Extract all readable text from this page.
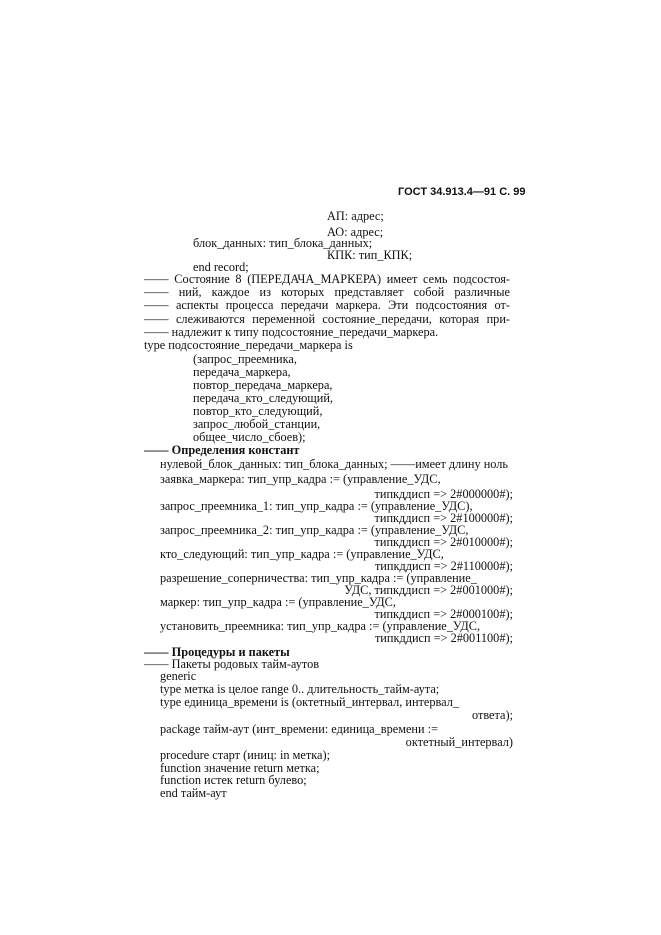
ГОСТ 34.913.4—91 С. 99
АП: адрес;
АО: адрес;
блок_данных: тип_блока_данных;
КПК: тип_КПК;
end record;
—— Состояние 8 (ПЕРЕДАЧА_МАРКЕРА) имеет семь подсостоя-
—— ний, каждое из которых представляет собой различные
—— аспекты процесса передачи маркера. Эти подсостояния от-
—— слеживаются переменной состояние_передачи, которая при-
—— надлежит к типу подсостояние_передачи_маркера.
type подсостояние_передачи_маркера is
(запрос_преемника,
передача_маркера,
повтор_передача_маркера,
передача_кто_следующий,
повтор_кто_следующий,
запрос_любой_станции,
общее_число_сбоев);
—— Определения констант
нулевой_блок_данных: тип_блока_данных; ——имеет длину ноль
заявка_маркера: тип_упр_кадра := (управление_УДС,
типкддисп => 2#000000#);
запрос_преемника_1: тип_упр_кадра := (управление_УДС),
типкддисп => 2#100000#);
запрос_преемника_2: тип_упр_кадра := (управление_УДС,
типкддисп => 2#010000#);
кто_следующий: тип_упр_кадра := (управление_УДС,
типкддисп => 2#110000#);
разрешение_соперничества: тип_упр_кадра := (управление_
УДС, типкддисп => 2#001000#);
маркер: тип_упр_кадра := (управление_УДС,
типкддисп => 2#000100#);
установить_преемника: тип_упр_кадра := (управление_УДС,
типкддисп => 2#001100#);
—— Процедуры и пакеты
—— Пакеты родовых тайм-аутов
generic
type метка is целое range 0.. длительность_тайм-аута;
type единица_времени is (октетный_интервал, интервал_
ответа);
package тайм-аут (инт_времени: единица_времени :=
октетный_интервал)
procedure старт (иниц: in метка);
function значение return метка;
function истек return булево;
end тайм-аут
